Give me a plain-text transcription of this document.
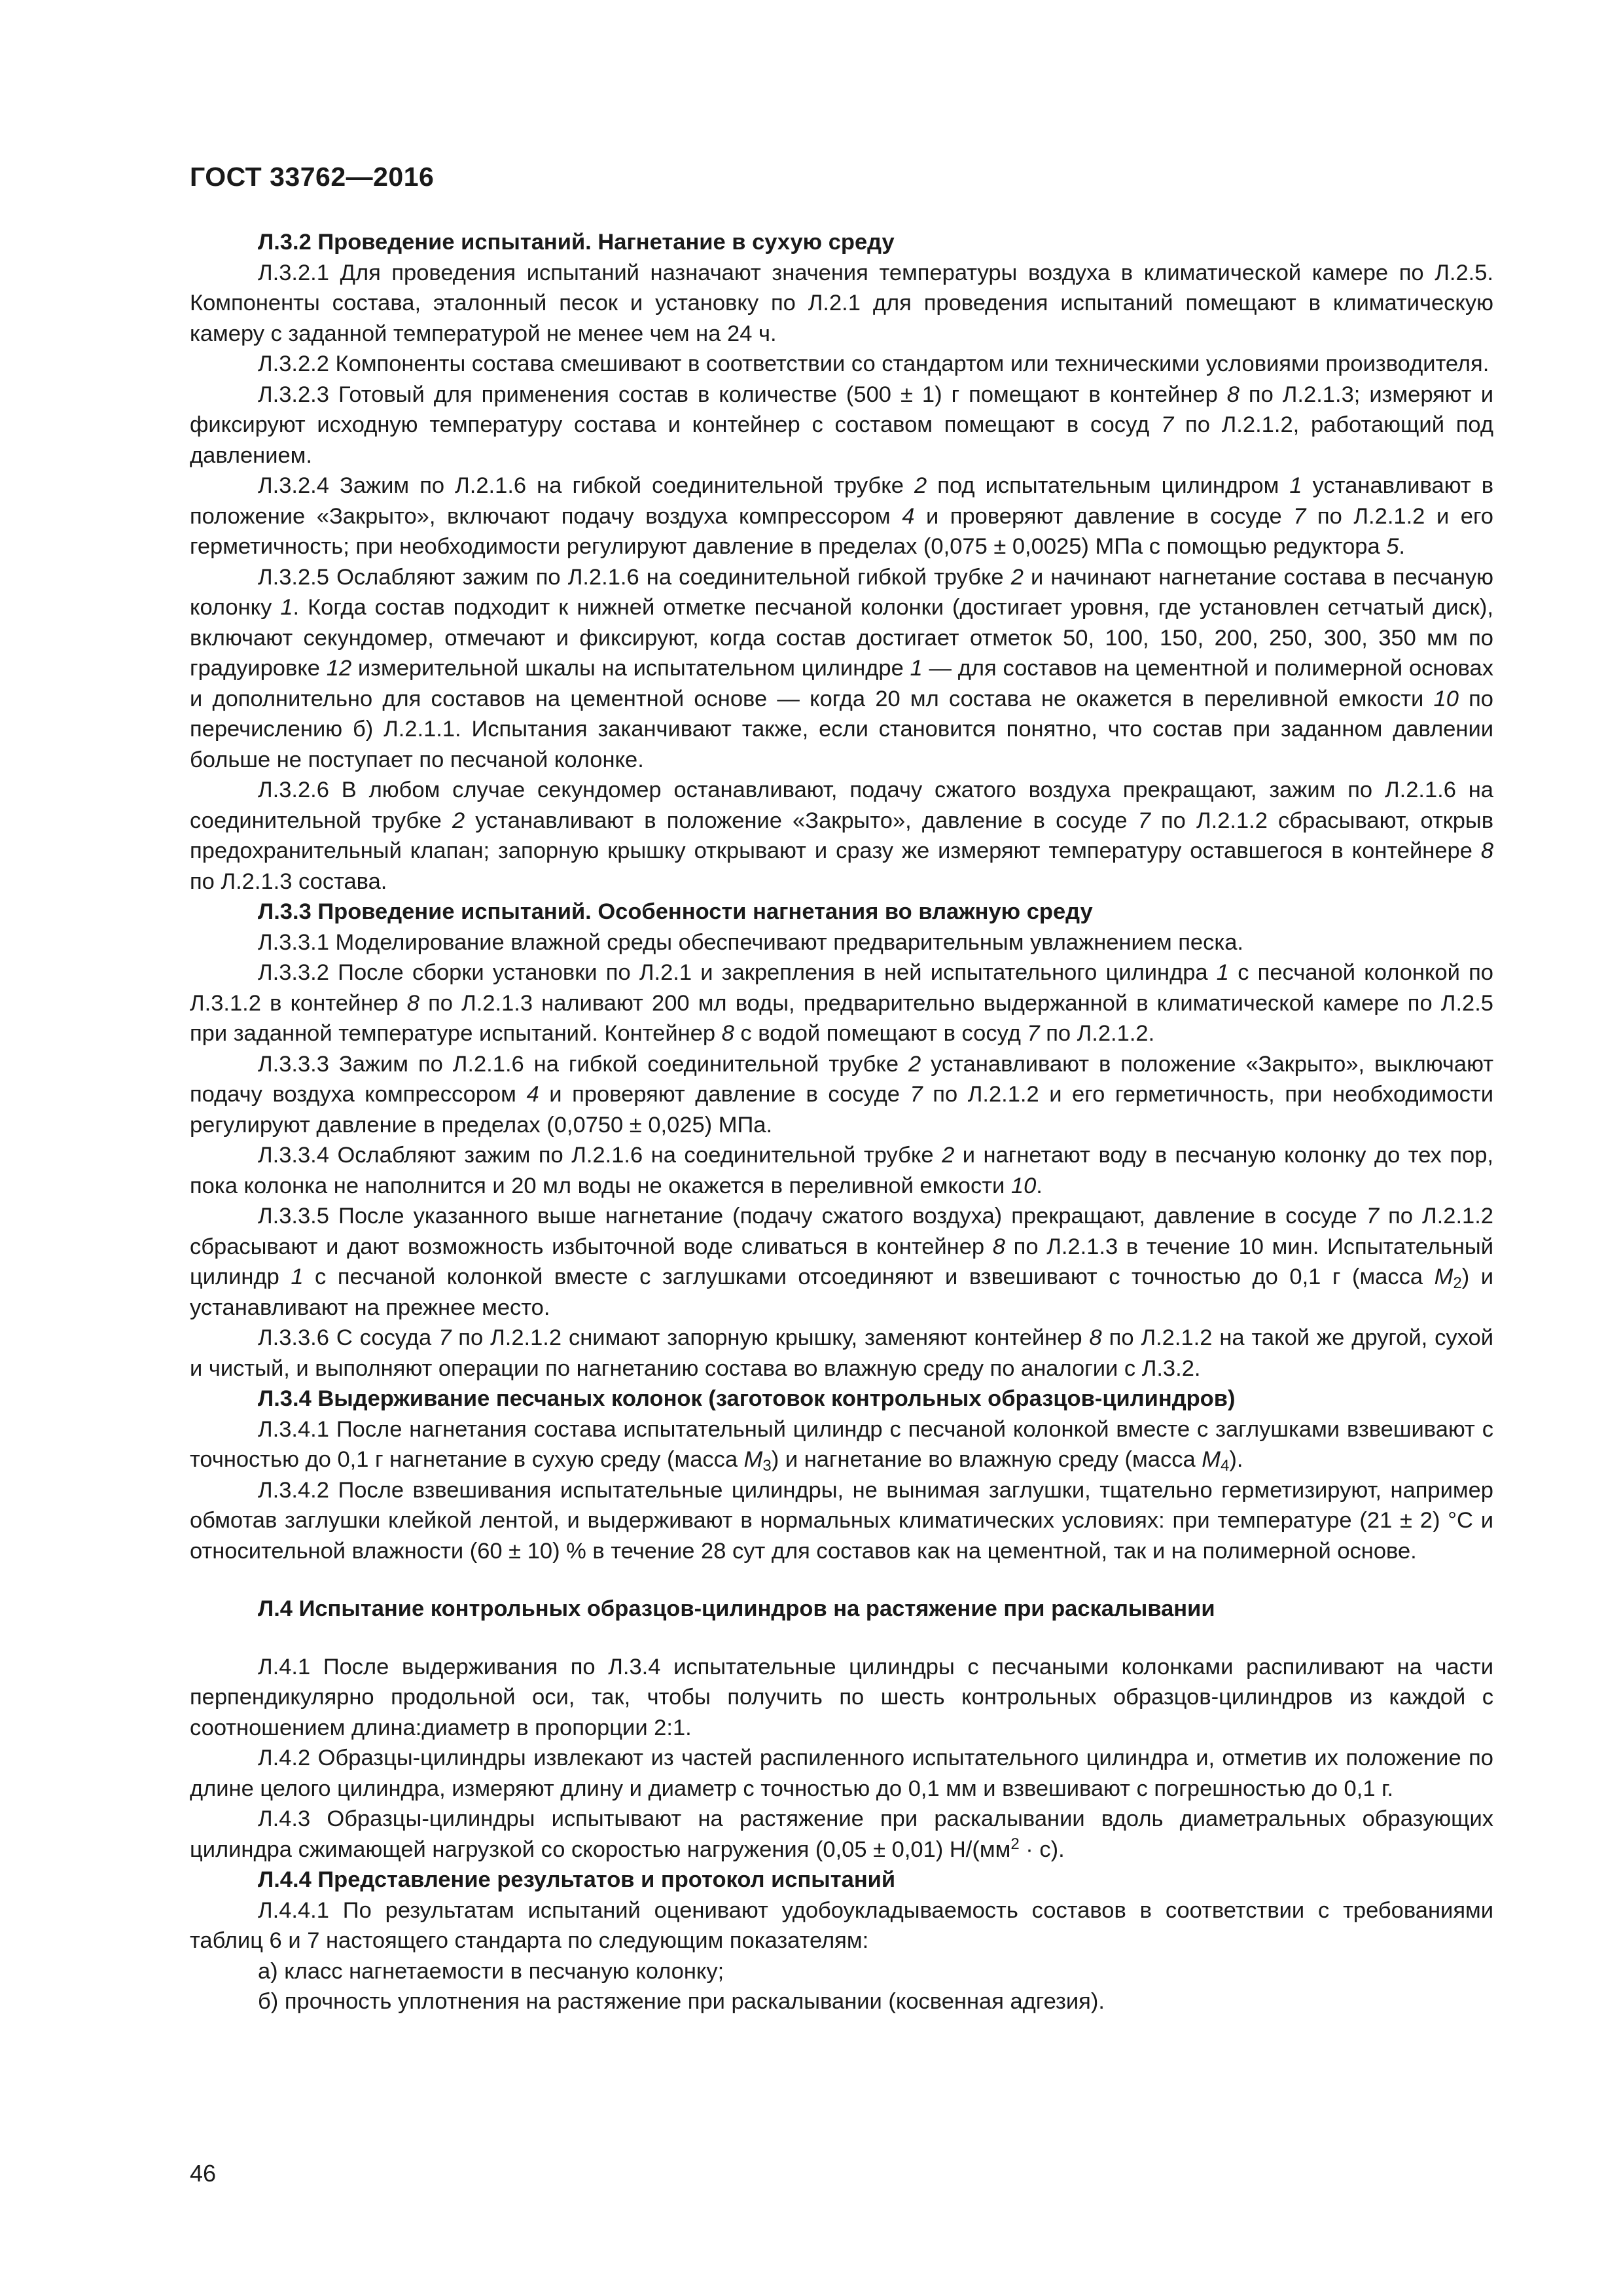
ГОСТ 33762—2016

Л.3.2 Проведение испытаний. Нагнетание в сухую среду

Л.3.2.1 Для проведения испытаний назначают значения температуры воздуха в климатической камере по Л.2.5. Компоненты состава, эталонный песок и установку по Л.2.1 для проведения испытаний помещают в климатическую камеру с заданной температурой не менее чем на 24 ч.

Л.3.2.2 Компоненты состава смешивают в соответствии со стандартом или техническими условиями производителя.

Л.3.2.3 Готовый для применения состав в количестве (500 ± 1) г помещают в контейнер 8 по Л.2.1.3; измеряют и фиксируют исходную температуру состава и контейнер с составом помещают в сосуд 7 по Л.2.1.2, работающий под давлением.

Л.3.2.4 Зажим по Л.2.1.6 на гибкой соединительной трубке 2 под испытательным цилиндром 1 устанавливают в положение «Закрыто», включают подачу воздуха компрессором 4 и проверяют давление в сосуде 7 по Л.2.1.2 и его герметичность; при необходимости регулируют давление в пределах (0,075 ± 0,0025) МПа с помощью редуктора 5.

Л.3.2.5 Ослабляют зажим по Л.2.1.6 на соединительной гибкой трубке 2 и начинают нагнетание состава в песчаную колонку 1. Когда состав подходит к нижней отметке песчаной колонки (достигает уровня, где установлен сетчатый диск), включают секундомер, отмечают и фиксируют, когда состав достигает отметок 50, 100, 150, 200, 250, 300, 350 мм по градуировке 12 измерительной шкалы на испытательном цилиндре 1 — для составов на цементной и полимерной основах и дополнительно для составов на цементной основе — когда 20 мл состава не окажется в переливной емкости 10 по перечислению б) Л.2.1.1. Испытания заканчивают также, если становится понятно, что состав при заданном давлении больше не поступает по песчаной колонке.

Л.3.2.6 В любом случае секундомер останавливают, подачу сжатого воздуха прекращают, зажим по Л.2.1.6 на соединительной трубке 2 устанавливают в положение «Закрыто», давление в сосуде 7 по Л.2.1.2 сбрасывают, открыв предохранительный клапан; запорную крышку открывают и сразу же измеряют температуру оставшегося в контейнере 8 по Л.2.1.3 состава.

Л.3.3 Проведение испытаний. Особенности нагнетания во влажную среду

Л.3.3.1 Моделирование влажной среды обеспечивают предварительным увлажнением песка.

Л.3.3.2 После сборки установки по Л.2.1 и закрепления в ней испытательного цилиндра 1 с песчаной колонкой по Л.3.1.2 в контейнер 8 по Л.2.1.3 наливают 200 мл воды, предварительно выдержанной в климатической камере по Л.2.5 при заданной температуре испытаний. Контейнер 8 с водой помещают в сосуд 7 по Л.2.1.2.

Л.3.3.3 Зажим по Л.2.1.6 на гибкой соединительной трубке 2 устанавливают в положение «Закрыто», выключают подачу воздуха компрессором 4 и проверяют давление в сосуде 7 по Л.2.1.2 и его герметичность, при необходимости регулируют давление в пределах (0,0750 ± 0,025) МПа.

Л.3.3.4 Ослабляют зажим по Л.2.1.6 на соединительной трубке 2 и нагнетают воду в песчаную колонку до тех пор, пока колонка не наполнится и 20 мл воды не окажется в переливной емкости 10.

Л.3.3.5 После указанного выше нагнетание (подачу сжатого воздуха) прекращают, давление в сосуде 7 по Л.2.1.2 сбрасывают и дают возможность избыточной воде сливаться в контейнер 8 по Л.2.1.3 в течение 10 мин. Испытательный цилиндр 1 с песчаной колонкой вместе с заглушками отсоединяют и взвешивают с точностью до 0,1 г (масса $M_2$) и устанавливают на прежнее место.

Л.3.3.6 С сосуда 7 по Л.2.1.2 снимают запорную крышку, заменяют контейнер 8 по Л.2.1.2 на такой же другой, сухой и чистый, и выполняют операции по нагнетанию состава во влажную среду по аналогии с Л.3.2.

Л.3.4 Выдерживание песчаных колонок (заготовок контрольных образцов-цилиндров)

Л.3.4.1 После нагнетания состава испытательный цилиндр с песчаной колонкой вместе с заглушками взвешивают с точностью до 0,1 г нагнетание в сухую среду (масса $M_3$) и нагнетание во влажную среду (масса $M_4$).

Л.3.4.2 После взвешивания испытательные цилиндры, не вынимая заглушки, тщательно герметизируют, например обмотав заглушки клейкой лентой, и выдерживают в нормальных климатических условиях: при температуре (21 ± 2) °С и относительной влажности (60 ± 10) % в течение 28 сут для составов как на цементной, так и на полимерной основе.

Л.4 Испытание контрольных образцов-цилиндров на растяжение при раскалывании

Л.4.1 После выдерживания по Л.3.4 испытательные цилиндры с песчаными колонками распиливают на части перпендикулярно продольной оси, так, чтобы получить по шесть контрольных образцов-цилиндров из каждой с соотношением длина:диаметр в пропорции 2:1.

Л.4.2 Образцы-цилиндры извлекают из частей распиленного испытательного цилиндра и, отметив их положение по длине целого цилиндра, измеряют длину и диаметр с точностью до 0,1 мм и взвешивают с погрешностью до 0,1 г.

Л.4.3 Образцы-цилиндры испытывают на растяжение при раскалывании вдоль диаметральных образующих цилиндра сжимающей нагрузкой со скоростью нагружения (0,05 ± 0,01) $Н/(мм^2 \cdot с)$.

Л.4.4 Представление результатов и протокол испытаний

Л.4.4.1 По результатам испытаний оценивают удобоукладываемость составов в соответствии с требованиями таблиц 6 и 7 настоящего стандарта по следующим показателям:

а) класс нагнетаемости в песчаную колонку;

б) прочность уплотнения на растяжение при раскалывании (косвенная адгезия).

46
